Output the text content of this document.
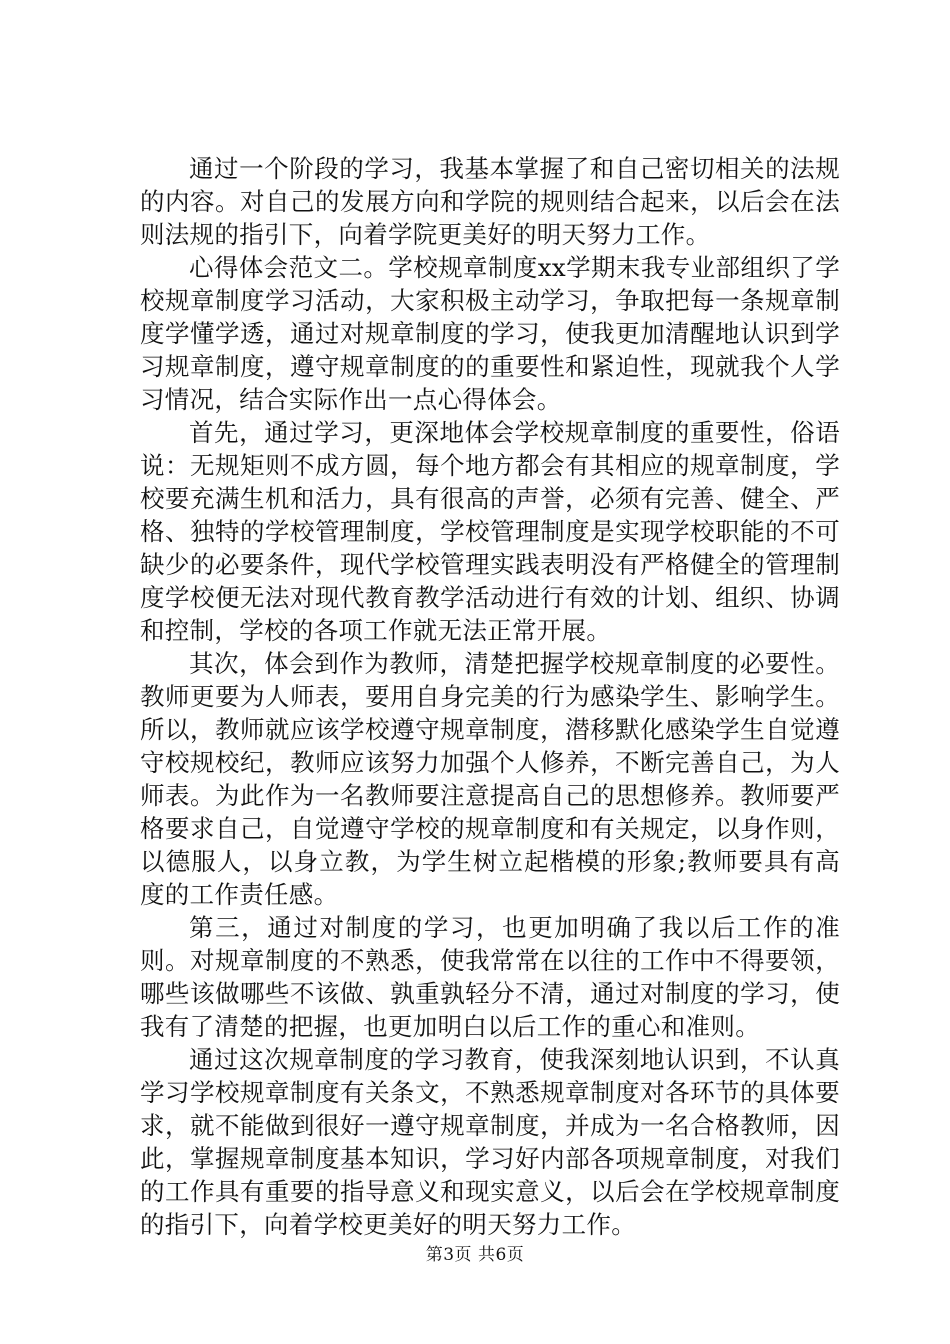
通过一个阶段的学习，我基本掌握了和自己密切相关的法规的内容。对自己的发展方向和学院的规则结合起来，以后会在法则法规的指引下，向着学院更美好的明天努力工作。

心得体会范文二。学校规章制度xx学期末我专业部组织了学校规章制度学习活动，大家积极主动学习，争取把每一条规章制度学懂学透，通过对规章制度的学习，使我更加清醒地认识到学习规章制度，遵守规章制度的的重要性和紧迫性，现就我个人学习情况，结合实际作出一点心得体会。

首先，通过学习，更深地体会学校规章制度的重要性，俗语说：无规矩则不成方圆，每个地方都会有其相应的规章制度，学校要充满生机和活力，具有很高的声誉，必须有完善、健全、严格、独特的学校管理制度，学校管理制度是实现学校职能的不可缺少的必要条件，现代学校管理实践表明没有严格健全的管理制度学校便无法对现代教育教学活动进行有效的计划、组织、协调和控制，学校的各项工作就无法正常开展。

其次，体会到作为教师，清楚把握学校规章制度的必要性。教师更要为人师表，要用自身完美的行为感染学生、影响学生。所以，教师就应该学校遵守规章制度，潜移默化感染学生自觉遵守校规校纪，教师应该努力加强个人修养，不断完善自己，为人师表。为此作为一名教师要注意提高自己的思想修养。教师要严格要求自己，自觉遵守学校的规章制度和有关规定，以身作则，以德服人，以身立教，为学生树立起楷模的形象;教师要具有高度的工作责任感。

第三，通过对制度的学习，也更加明确了我以后工作的准则。对规章制度的不熟悉，使我常常在以往的工作中不得要领，哪些该做哪些不该做、孰重孰轻分不清，通过对制度的学习，使我有了清楚的把握，也更加明白以后工作的重心和准则。

通过这次规章制度的学习教育，使我深刻地认识到，不认真学习学校规章制度有关条文，不熟悉规章制度对各环节的具体要求，就不能做到很好一遵守规章制度，并成为一名合格教师，因此，掌握规章制度基本知识，学习好内部各项规章制度，对我们的工作具有重要的指导意义和现实意义，以后会在学校规章制度的指引下，向着学校更美好的明天努力工作。

第3页 共6页
